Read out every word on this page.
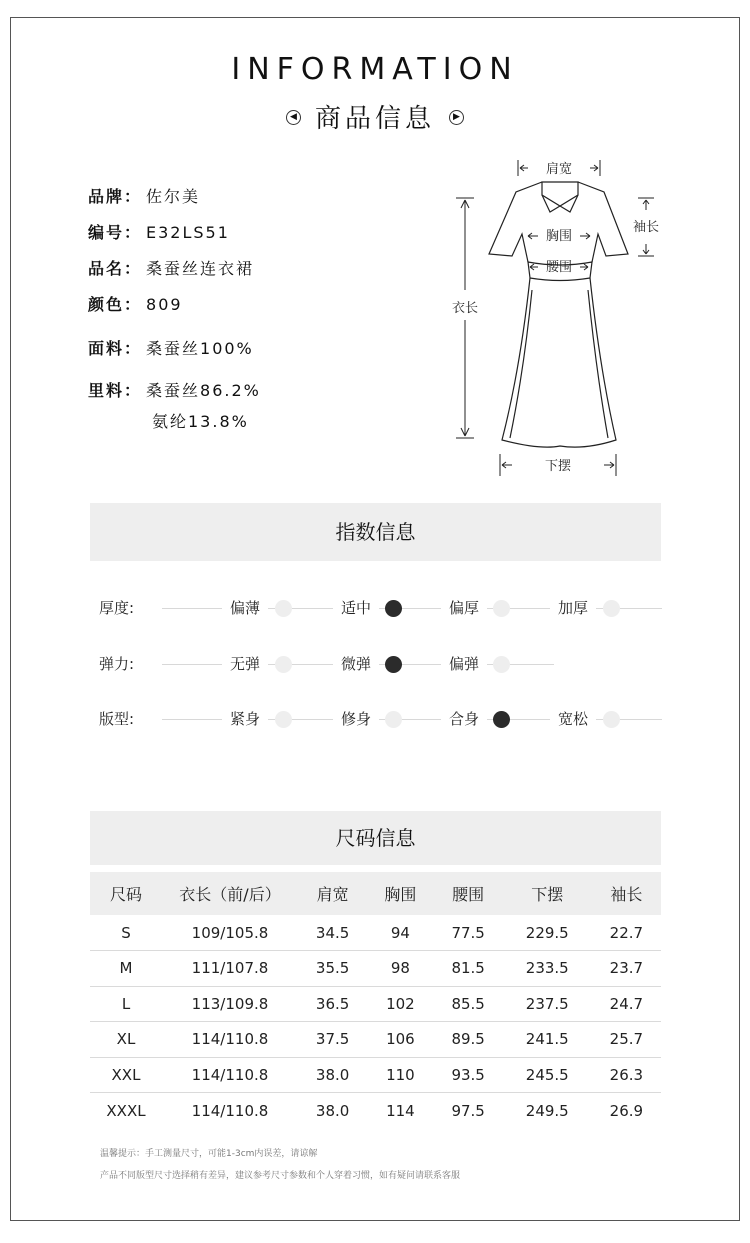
INFORMATION
◀ 商品信息 ▶
品牌： 佐尔美
编号： E32LS51
品名： 桑蚕丝连衣裙
颜色： 809
面料： 桑蚕丝100%
里料： 桑蚕丝86.2%
氨纶13.8%
肩宽
袖长
胸围
腰围
衣长
下摆
指数信息
厚度:	偏薄	适中	偏厚	加厚
弹力:	无弹	微弹	偏弹
版型:	紧身	修身	合身	宽松
尺码信息
尺码	衣长（前/后）	肩宽	胸围	腰围	下摆	袖长
S	109/105.8	34.5	94	77.5	229.5	22.7
M	111/107.8	35.5	98	81.5	233.5	23.7
L	113/109.8	36.5	102	85.5	237.5	24.7
XL	114/110.8	37.5	106	89.5	241.5	25.7
XXL	114/110.8	38.0	110	93.5	245.5	26.3
XXXL	114/110.8	38.0	114	97.5	249.5	26.9
温馨提示：手工测量尺寸，可能1-3cm内误差，请谅解
产品不同版型尺寸选择稍有差异，建议参考尺寸参数和个人穿着习惯，如有疑问请联系客服
